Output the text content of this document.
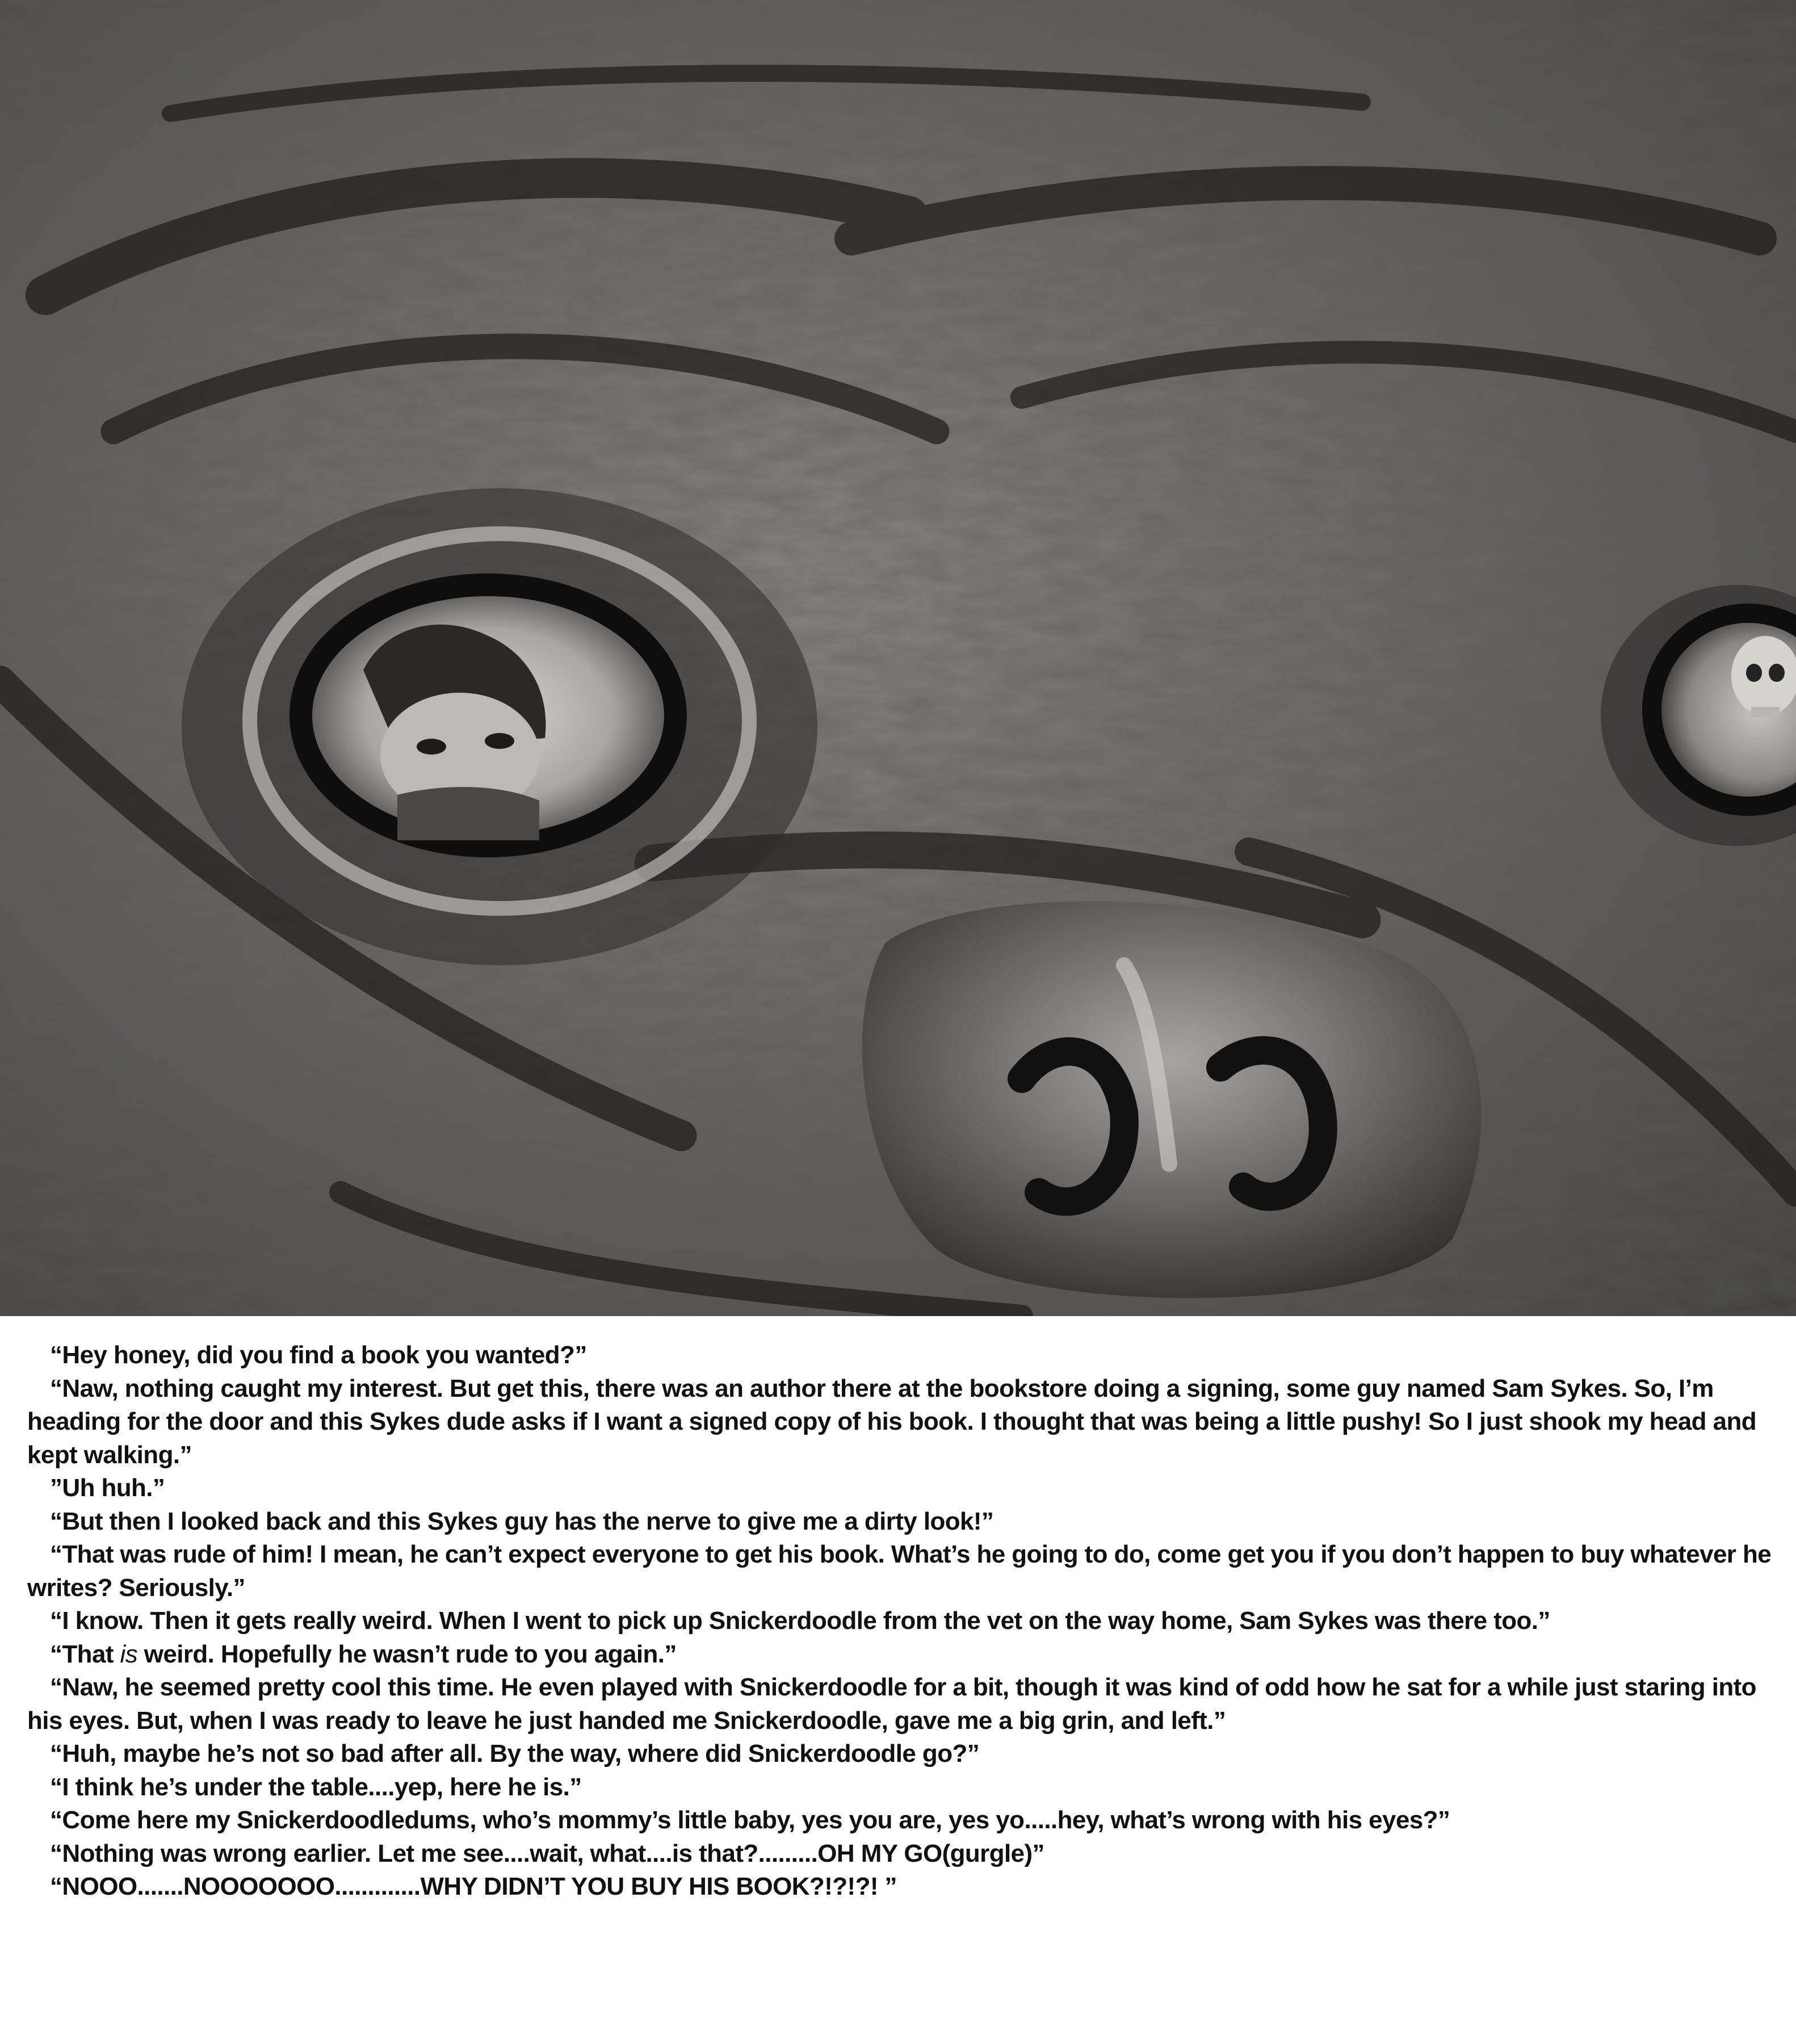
“Hey honey, did you find a book you wanted?”

“Naw, nothing caught my interest. But get this, there was an author there at the bookstore doing a signing, some guy named Sam Sykes. So, I’m heading for the door and this Sykes dude asks if I want a signed copy of his book. I thought that was being a little pushy! So I just shook my head and kept walking.”

”Uh huh.”

“But then I looked back and this Sykes guy has the nerve to give me a dirty look!”

“That was rude of him! I mean, he can’t expect everyone to get his book. What’s he going to do, come get you if you don’t happen to buy whatever he writes? Seriously.”

“I know. Then it gets really weird. When I went to pick up Snickerdoodle from the vet on the way home, Sam Sykes was there too.”

“That is weird. Hopefully he wasn’t rude to you again.”

“Naw, he seemed pretty cool this time. He even played with Snickerdoodle for a bit, though it was kind of odd how he sat for a while just staring into his eyes. But, when I was ready to leave he just handed me Snickerdoodle, gave me a big grin, and left.”

“Huh, maybe he’s not so bad after all. By the way, where did Snickerdoodle go?”

“I think he’s under the table....yep, here he is.”

“Come here my Snickerdoodledums, who’s mommy’s little baby, yes you are, yes yo.....hey, what’s wrong with his eyes?”

“Nothing was wrong earlier. Let me see....wait, what....is that?.........OH MY GO(gurgle)”

“NOOO.......NOOOOOOO.............WHY DIDN’T YOU BUY HIS BOOK?!?!?! ”
